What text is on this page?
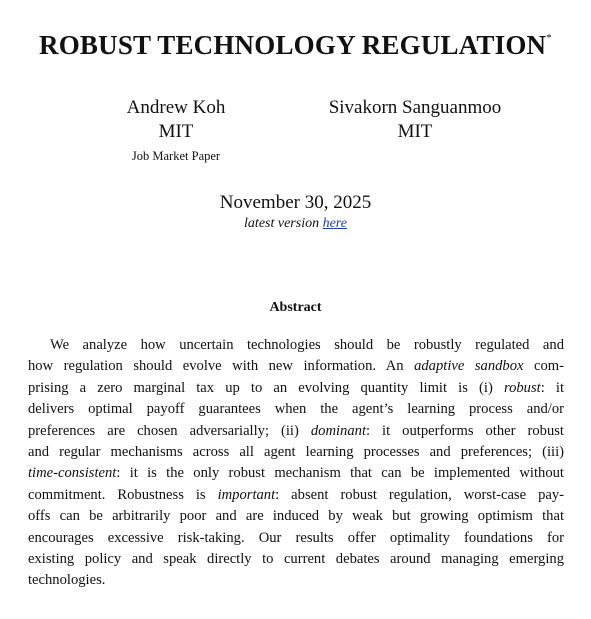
ROBUST TECHNOLOGY REGULATION*
Andrew Koh
MIT
Job Market Paper
Sivakorn Sanguanmoo
MIT
November 30, 2025
latest version here
Abstract
We analyze how uncertain technologies should be robustly regulated and
how regulation should evolve with new information. An adaptive sandbox com-
prising a zero marginal tax up to an evolving quantity limit is (i) robust: it
delivers optimal payoff guarantees when the agent’s learning process and/or
preferences are chosen adversarially; (ii) dominant: it outperforms other robust
and regular mechanisms across all agent learning processes and preferences; (iii)
time-consistent: it is the only robust mechanism that can be implemented without
commitment. Robustness is important: absent robust regulation, worst-case pay-
offs can be arbitrarily poor and are induced by weak but growing optimism that
encourages excessive risk-taking. Our results offer optimality foundations for
existing policy and speak directly to current debates around managing emerging
technologies.
